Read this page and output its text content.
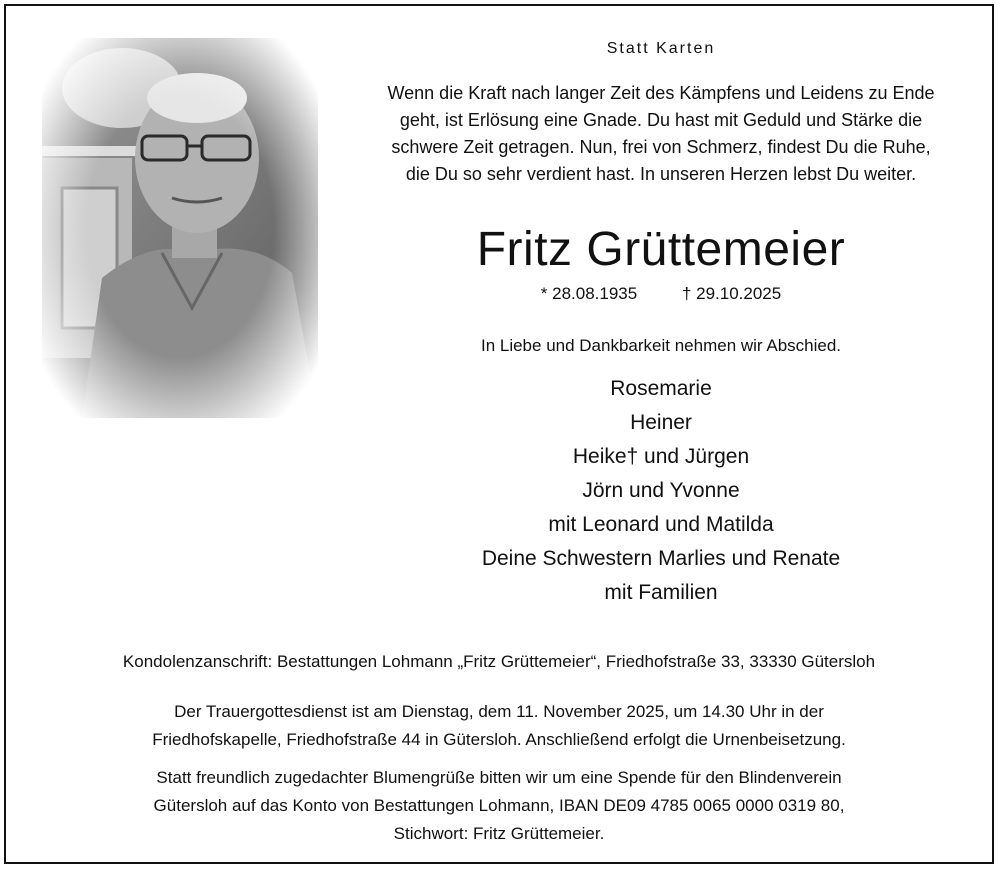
Statt Karten
Wenn die Kraft nach langer Zeit des Kämpfens und Leidens zu Ende
geht, ist Erlösung eine Gnade. Du hast mit Geduld und Stärke die
schwere Zeit getragen. Nun, frei von Schmerz, findest Du die Ruhe,
die Du so sehr verdient hast. In unseren Herzen lebst Du weiter.
Fritz Grüttemeier
* 28.08.1935	† 29.10.2025
In Liebe und Dankbarkeit nehmen wir Abschied.
Rosemarie
Heiner
Heike† und Jürgen
Jörn und Yvonne
mit Leonard und Matilda
Deine Schwestern Marlies und Renate
mit Familien
Kondolenzanschrift: Bestattungen Lohmann „Fritz Grüttemeier“, Friedhofstraße 33, 33330 Gütersloh
Der Trauergottesdienst ist am Dienstag, dem 11. November 2025, um 14.30 Uhr in der
Friedhofskapelle, Friedhofstraße 44 in Gütersloh. Anschließend erfolgt die Urnenbeisetzung.
Statt freundlich zugedachter Blumengrüße bitten wir um eine Spende für den Blindenverein
Gütersloh auf das Konto von Bestattungen Lohmann, IBAN DE09 4785 0065 0000 0319 80,
Stichwort: Fritz Grüttemeier.
